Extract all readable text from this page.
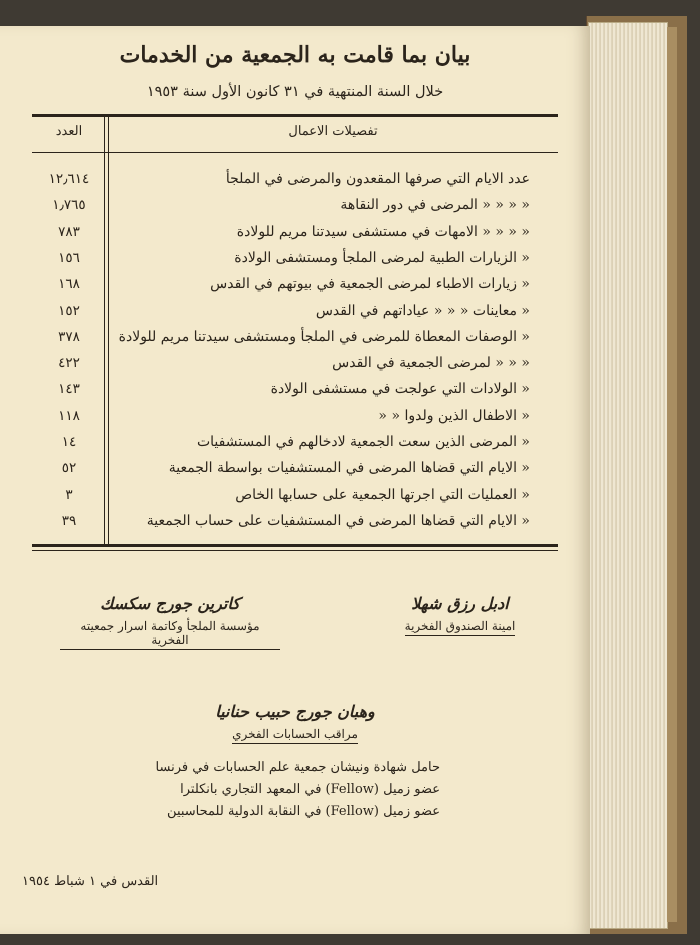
بيان بما قامت به الجمعية من الخدمات
خلال السنة المنتهية في ٣١ كانون الأول سنة ١٩٥٣
تفصيلات الاعمال
العدد
عدد الايام التي صرفها المقعدون والمرضى في الملجأ
١٢٫٦١٤
« « « « المرضى في دور النقاهة
١٫٧٦٥
« « « « الامهات في مستشفى سيدتنا مريم للولادة
٧٨٣
« الزيارات الطبية لمرضى الملجأ ومستشفى الولادة
١٥٦
« زيارات الاطباء لمرضى الجمعية في بيوتهم في القدس
١٦٨
« معاينات « « « عياداتهم في القدس
١٥٢
« الوصفات المعطاة للمرضى في الملجأ ومستشفى سيدتنا مريم للولادة
٣٧٨
« « « لمرضى الجمعية في القدس
٤٢٢
« الولادات التي عولجت في مستشفى الولادة
١٤٣
« الاطفال الذين ولدوا « «
١١٨
« المرضى الذين سعت الجمعية لادخالهم في المستشفيات
١٤
« الايام التي قضاها المرضى في المستشفيات بواسطة الجمعية
٥٢
« العمليات التي اجرتها الجمعية على حسابها الخاص
٣
« الايام التي قضاها المرضى في المستشفيات على حساب الجمعية
٣٩
ادبل رزق شهلا
امينة الصندوق الفخرية
كاترين جورج سكسك
مؤسسة الملجأ وكاتمة اسرار جمعيته الفخرية
وهبان جورج حبيب حنانيا
مراقب الحسابات الفخري
حامل شهادة ونيشان جمعية علم الحسابات في فرنسا
عضو زميل (Fellow) في المعهد التجاري بانكلترا
عضو زميل (Fellow) في النقابة الدولية للمحاسبين
القدس في ١ شباط ١٩٥٤
